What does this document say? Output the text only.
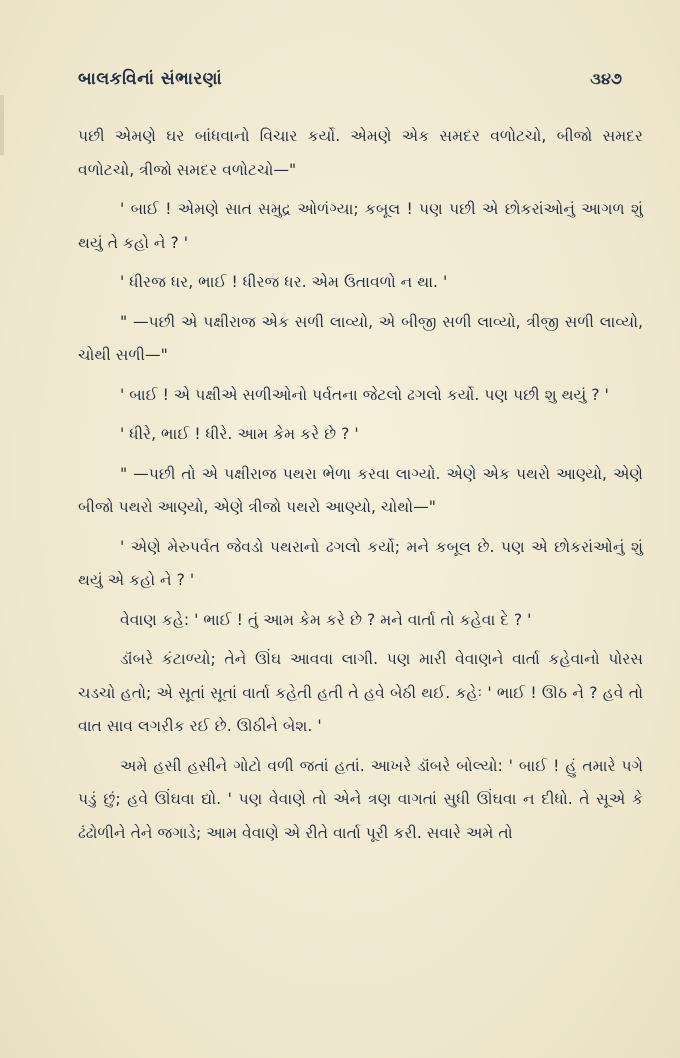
બાલકવિનાં સંભારણાં	૩૪૭

પછી એમણે ઘર બાંધવાનો વિચાર કર્યો. એમણે એક સમદર વળોટચો, બીજો સમદર વળોટચો, ત્રીજો સમદર વળોટચો—"

' બાઈ ! એમણે સાત સમુદ્ર ઓળંગ્યા; કબૂલ ! પણ પછી એ છોકરાંઓનું આગળ શું થયું તે કહો ને ? '

' ધીરજ ધર, ભાઈ ! ધીરજ ધર. એમ ઉતાવળો ન થા. '

" —પછી એ પક્ષીરાજ એક સળી લાવ્યો, એ બીજી સળી લાવ્યો, ત્રીજી સળી લાવ્યો, ચોથી સળી—"

' બાઈ ! એ પક્ષીએ સળીઓનો પર્વતના જેટલો ઢગલો કર્યો. પણ પછી શુ થયું ? '

' ધીરે, ભાઈ ! ધીરે. આમ કેમ કરે છે ? '

" —પછી તો એ પક્ષીરાજ પથરા ભેળા કરવા લાગ્યો. એણે એક પથરો આણ્યો, એણે બીજો પથરો આણ્યો, એણે ત્રીજો પથરો આણ્યો, ચોથો—"

' એણે મેરુપર્વત જેવડો પથરાનો ઢગલો કર્યો; મને કબૂલ છે. પણ એ છોકરાંઓનું શું થયું એ કહો ને ? '

વેવાણ કહે: ' ભાઈ ! તું આમ કેમ કરે છે ? મને વાર્તા તો કહેવા દે ? '

ડૉંબરે કંટાળ્યો; તેને ઊંઘ આવવા લાગી. પણ મારી વેવાણને વાર્તા કહેવાનો પોરસ ચડચો હતો; એ સૂતાં સૂતાં વાર્તા કહેતી હતી તે હવે બેઠી થઈ. કહેઃ ' ભાઈ ! ઊઠ ને ? હવે તો વાત સાવ લગરીક રઈ છે. ઊઠીને બેશ. '

અમે હસી હસીને ગોટો વળી જતાં હતાં. આખરે ડૉંબરે બોલ્યો: ' બાઈ ! હું તમારે પગે પડું છું; હવે ઊંઘવા દ્યો. ' પણ વેવાણે તો એને ત્રણ વાગતાં સુધી ઊંઘવા ન દીધો. તે સૂએ કે ઢંઢોળીને તેને જગાડે; આમ વેવાણે એ રીતે વાર્તા પૂરી કરી. સવારે અમે તો
